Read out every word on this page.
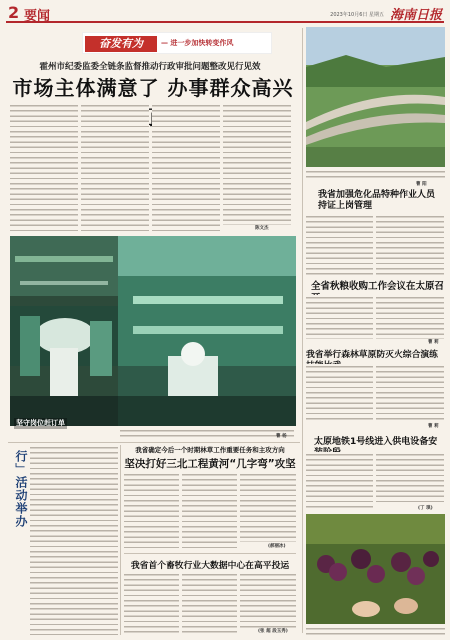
2 要闻	2023年10月6日 星期五 海南日报
奋发有为	— 进一步加快转变作风
霍州市纪委监委全链条监督推动行政审批问题整改见行见效
市场主体满意了 办事群众高兴
陈文杰
坚守岗位赶订单
曹 杨
曹 阳
我省加强危化品特种作业人员持证上岗管理
全省秋粮收购工作会议在太原召
曹 莉
我省举行森林草原防灭火综合演练
曹 莉
太原地铁1号线进入供电设备安
(丁 琪)
行」活动举办
我省确定今后一个时期林草工作重要任务和主攻方向
坚决打好三北工程黄河“几字弯”攻坚
(郝丽冰)
我省首个畜牧行业大数据中心在高平投运
(张 超 段玉秀)
